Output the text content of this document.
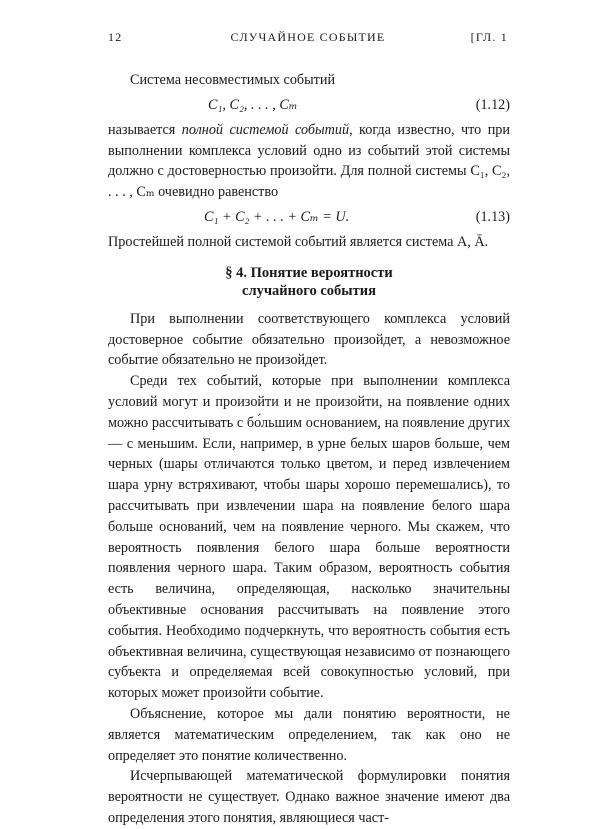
12	СЛУЧАЙНОЕ СОБЫТИЕ	[ГЛ. 1

Система несовместимых событий

C₁, C₂, . . . , Cₘ	(1.12)

называется полной системой событий, когда известно, что при выполнении комплекса условий одно из событий этой системы должно с достоверностью произойти. Для полной системы C₁, C₂, . . . , Cₘ очевидно равенство

C₁ + C₂ + . . . + Cₘ = U.	(1.13)

Простейшей полной системой событий является система A, Ā.

§ 4. Понятие вероятности
случайного события

При выполнении соответствующего комплекса условий достоверное событие обязательно произойдет, а невозможное событие обязательно не произойдет.

Среди тех событий, которые при выполнении комплекса условий могут и произойти и не произойти, на появление одних можно рассчитывать с бо́льшим основанием, на появление других — с меньшим. Если, например, в урне белых шаров больше, чем черных (шары отличаются только цветом, и перед извлечением шара урну встряхивают, чтобы шары хорошо перемешались), то рассчитывать при извлечении шара на появление белого шара больше оснований, чем на появление черного. Мы скажем, что вероятность появления белого шара больше вероятности появления черного шара. Таким образом, вероятность события есть величина, определяющая, насколько значительны объективные основания рассчитывать на появление этого события. Необходимо подчеркнуть, что вероятность события есть объективная величина, существующая независимо от познающего субъекта и определяемая всей совокупностью условий, при которых может произойти событие.

Объяснение, которое мы дали понятию вероятности, не является математическим определением, так как оно не определяет это понятие количественно.

Исчерпывающей математической формулировки понятия вероятности не существует. Однако важное значение имеют два определения этого понятия, являющиеся част-
